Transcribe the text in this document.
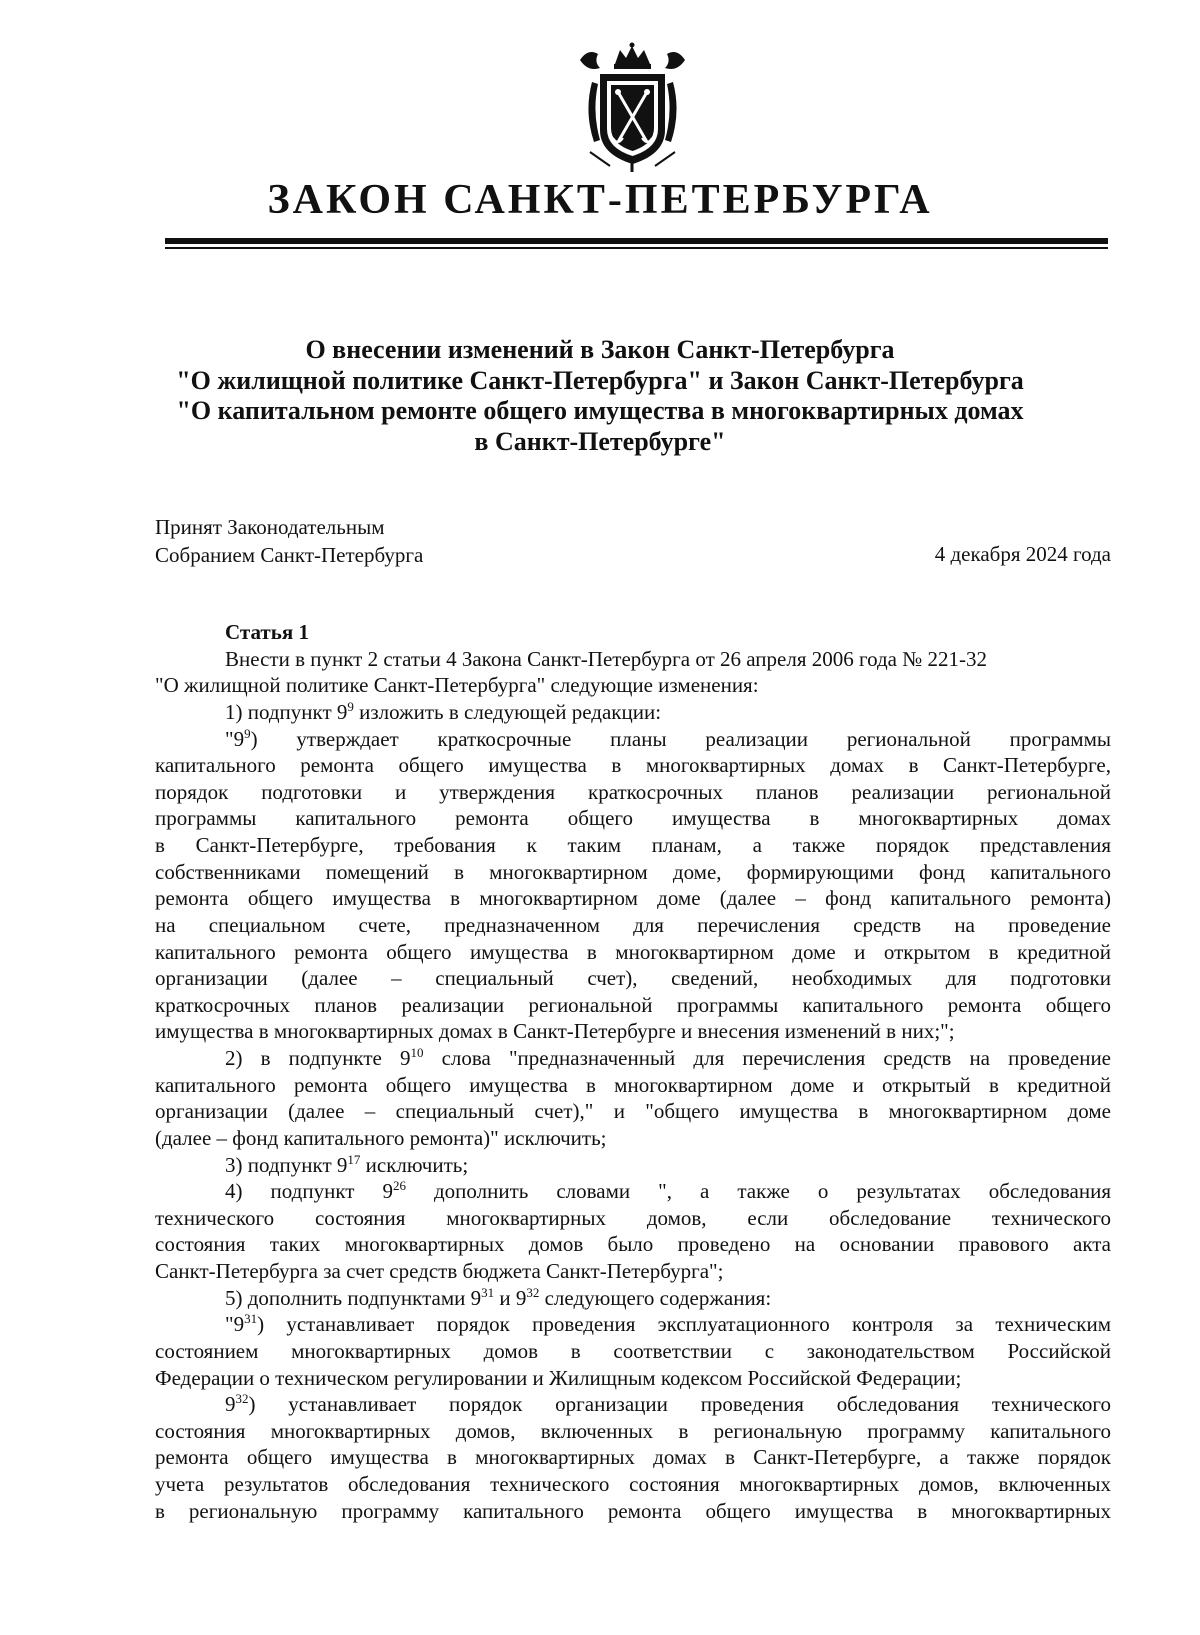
ЗАКОН САНКТ-ПЕТЕРБУРГА
О внесении изменений в Закон Санкт-Петербурга
"О жилищной политике Санкт-Петербурга" и Закон Санкт-Петербурга
"О капитальном ремонте общего имущества в многоквартирных домах
в Санкт-Петербурге"
Принят Законодательным
Собранием Санкт-Петербурга	4 декабря 2024 года
Статья 1
Внести в пункт 2 статьи 4 Закона Санкт-Петербурга от 26 апреля 2006 года № 221-32
"О жилищной политике Санкт-Петербурга" следующие изменения:
1) подпункт $9^9$ изложить в следующей редакции:
"$9^9$) утверждает краткосрочные планы реализации региональной программы
капитального ремонта общего имущества в многоквартирных домах в Санкт-Петербурге,
порядок подготовки и утверждения краткосрочных планов реализации региональной
программы капитального ремонта общего имущества в многоквартирных домах
в Санкт-Петербурге, требования к таким планам, а также порядок представления
собственниками помещений в многоквартирном доме, формирующими фонд капитального
ремонта общего имущества в многоквартирном доме (далее – фонд капитального ремонта)
на специальном счете, предназначенном для перечисления средств на проведение
капитального ремонта общего имущества в многоквартирном доме и открытом в кредитной
организации (далее – специальный счет), сведений, необходимых для подготовки
краткосрочных планов реализации региональной программы капитального ремонта общего
имущества в многоквартирных домах в Санкт-Петербурге и внесения изменений в них;";
2) в подпункте $9^{10}$ слова "предназначенный для перечисления средств на проведение
капитального ремонта общего имущества в многоквартирном доме и открытый в кредитной
организации (далее – специальный счет)," и "общего имущества в многоквартирном доме
(далее – фонд капитального ремонта)" исключить;
3) подпункт $9^{17}$ исключить;
4) подпункт $9^{26}$ дополнить словами ", а также о результатах обследования
технического состояния многоквартирных домов, если обследование технического
состояния таких многоквартирных домов было проведено на основании правового акта
Санкт-Петербурга за счет средств бюджета Санкт-Петербурга";
5) дополнить подпунктами $9^{31}$ и $9^{32}$ следующего содержания:
"$9^{31}$) устанавливает порядок проведения эксплуатационного контроля за техническим
состоянием многоквартирных домов в соответствии с законодательством Российской
Федерации о техническом регулировании и Жилищным кодексом Российской Федерации;
$9^{32}$) устанавливает порядок организации проведения обследования технического
состояния многоквартирных домов, включенных в региональную программу капитального
ремонта общего имущества в многоквартирных домах в Санкт-Петербурге, а также порядок
учета результатов обследования технического состояния многоквартирных домов, включенных
в региональную программу капитального ремонта общего имущества в многоквартирных
